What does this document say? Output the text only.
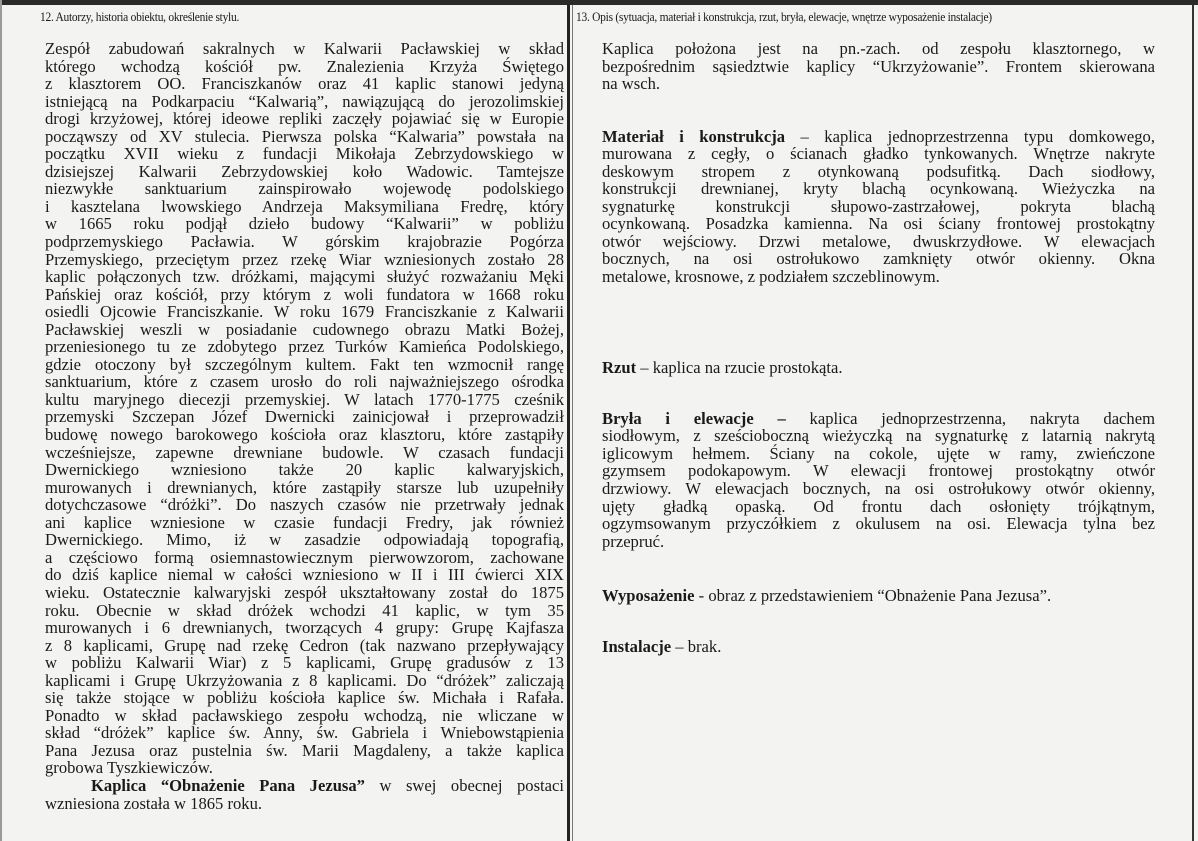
12. Autorzy, historia obiektu, określenie stylu.	13. Opis (sytuacja, materiał i konstrukcja, rzut, bryła, elewacje, wnętrze wyposażenie instalacje)
Zespół zabudowań sakralnych w Kalwarii Pacławskiej w skład
którego wchodzą kościół pw. Znalezienia Krzyża Świętego
z klasztorem OO. Franciszkanów oraz 41 kaplic stanowi jedyną
istniejącą na Podkarpaciu “Kalwarią”, nawiązującą do jerozolimskiej
drogi krzyżowej, której ideowe repliki zaczęły pojawiać się w Europie
począwszy od XV stulecia. Pierwsza polska “Kalwaria” powstała na
początku XVII wieku z fundacji Mikołaja Zebrzydowskiego w
dzisiejszej Kalwarii Zebrzydowskiej koło Wadowic. Tamtejsze
niezwykłe sanktuarium zainspirowało wojewodę podolskiego
i kasztelana lwowskiego Andrzeja Maksymiliana Fredrę, który
w 1665 roku podjął dzieło budowy “Kalwarii” w pobliżu
podprzemyskiego Pacławia. W górskim krajobrazie Pogórza
Przemyskiego, przeciętym przez rzekę Wiar wzniesionych zostało 28
kaplic połączonych tzw. dróżkami, mającymi służyć rozważaniu Męki
Pańskiej oraz kościół, przy którym z woli fundatora w 1668 roku
osiedli Ojcowie Franciszkanie. W roku 1679 Franciszkanie z Kalwarii
Pacławskiej weszli w posiadanie cudownego obrazu Matki Bożej,
przeniesionego tu ze zdobytego przez Turków Kamieńca Podolskiego,
gdzie otoczony był szczególnym kultem. Fakt ten wzmocnił rangę
sanktuarium, które z czasem urosło do roli najważniejszego ośrodka
kultu maryjnego diecezji przemyskiej. W latach 1770-1775 cześnik
przemyski Szczepan Józef Dwernicki zainicjował i przeprowadził
budowę nowego barokowego kościoła oraz klasztoru, które zastąpiły
wcześniejsze, zapewne drewniane budowle. W czasach fundacji
Dwernickiego wzniesiono także 20 kaplic kalwaryjskich,
murowanych i drewnianych, które zastąpiły starsze lub uzupełniły
dotychczasowe “dróżki”. Do naszych czasów nie przetrwały jednak
ani kaplice wzniesione w czasie fundacji Fredry, jak również
Dwernickiego. Mimo, iż w zasadzie odpowiadają topografią,
a częściowo formą osiemnastowiecznym pierwowzorom, zachowane
do dziś kaplice niemal w całości wzniesiono w II i III ćwierci XIX
wieku. Ostatecznie kalwaryjski zespół ukształtowany został do 1875
roku. Obecnie w skład dróżek wchodzi 41 kaplic, w tym 35
murowanych i 6 drewnianych, tworzących 4 grupy: Grupę Kajfasza
z 8 kaplicami, Grupę nad rzekę Cedron (tak nazwano przepływający
w pobliżu Kalwarii Wiar) z 5 kaplicami, Grupę gradusów z 13
kaplicami i Grupę Ukrzyżowania z 8 kaplicami. Do “dróżek” zaliczają
się także stojące w pobliżu kościoła kaplice św. Michała i Rafała.
Ponadto w skład pacławskiego zespołu wchodzą, nie wliczane w
skład “dróżek” kaplice św. Anny, św. Gabriela i Wniebowstąpienia
Pana Jezusa oraz pustelnia św. Marii Magdaleny, a także kaplica
grobowa Tyszkiewiczów.
Kaplica “Obnażenie Pana Jezusa” w swej obecnej postaci
wzniesiona została w 1865 roku.
Kaplica położona jest na pn.-zach. od zespołu klasztornego, w
bezpośrednim sąsiedztwie kaplicy “Ukrzyżowanie”. Frontem skierowana
na wsch.
Materiał i konstrukcja – kaplica jednoprzestrzenna typu domkowego,
murowana z cegły, o ścianach gładko tynkowanych. Wnętrze nakryte
deskowym stropem z otynkowaną podsufitką. Dach siodłowy,
konstrukcji drewnianej, kryty blachą ocynkowaną. Wieżyczka na
sygnaturkę konstrukcji słupowo-zastrzałowej, pokryta blachą
ocynkowaną. Posadzka kamienna. Na osi ściany frontowej prostokątny
otwór wejściowy. Drzwi metalowe, dwuskrzydłowe. W elewacjach
bocznych, na osi ostrołukowo zamknięty otwór okienny. Okna
metalowe, krosnowe, z podziałem szczeblinowym.
Rzut – kaplica na rzucie prostokąta.
Bryła i elewacje – kaplica jednoprzestrzenna, nakryta dachem
siodłowym, z sześcioboczną wieżyczką na sygnaturkę z latarnią nakrytą
iglicowym hełmem. Ściany na cokole, ujęte w ramy, zwieńczone
gzymsem podokapowym. W elewacji frontowej prostokątny otwór
drzwiowy. W elewacjach bocznych, na osi ostrołukowy otwór okienny,
ujęty gładką opaską. Od frontu dach osłonięty trójkątnym,
ogzymsowanym przyczółkiem z okulusem na osi. Elewacja tylna bez
przepruć.
Wyposażenie - obraz z przedstawieniem “Obnażenie Pana Jezusa”.
Instalacje – brak.
